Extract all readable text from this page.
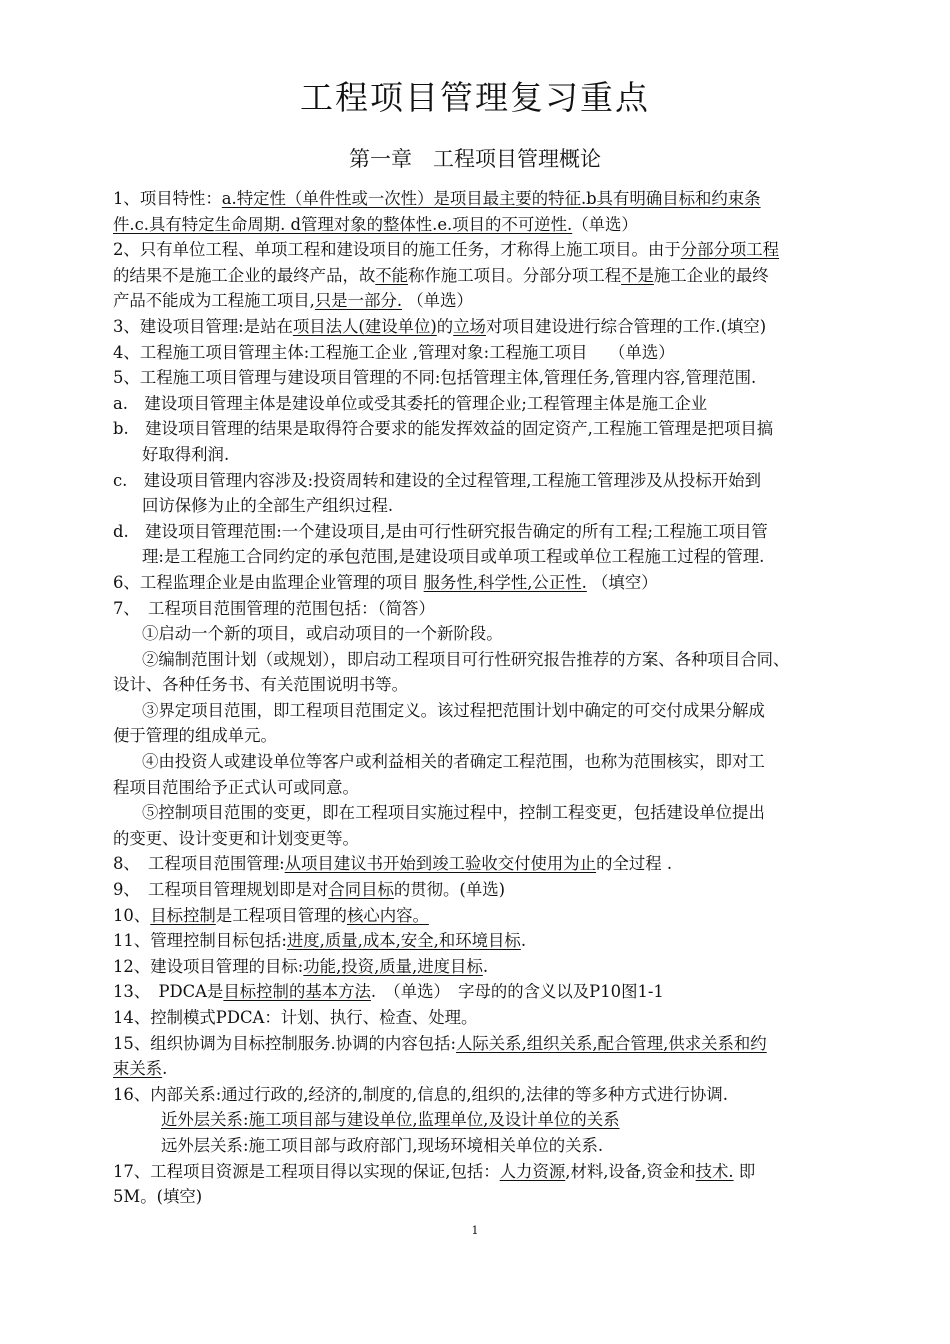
工程项目管理复习重点
第一章　工程项目管理概论
1、项目特性：a.特定性（单件性或一次性）是项目最主要的特征.b具有明确目标和约束条
件.c.具有特定生命周期. d管理对象的整体性.e.项目的不可逆性.（单选）
2、只有单位工程、单项工程和建设项目的施工任务，才称得上施工项目。由于分部分项工程
的结果不是施工企业的最终产品，故不能称作施工项目。分部分项工程不是施工企业的最终
产品不能成为工程施工项目,只是一部分. （单选）
3、建设项目管理:是站在项目法人(建设单位)的立场对项目建设进行综合管理的工作.(填空)
4、工程施工项目管理主体:工程施工企业 ,管理对象:工程施工项目　 （单选）
5、工程施工项目管理与建设项目管理的不同:包括管理主体,管理任务,管理内容,管理范围.
a.　建设项目管理主体是建设单位或受其委托的管理企业;工程管理主体是施工企业
b.　建设项目管理的结果是取得符合要求的能发挥效益的固定资产,工程施工管理是把项目搞
好取得利润.
c.　建设项目管理内容涉及:投资周转和建设的全过程管理,工程施工管理涉及从投标开始到
回访保修为止的全部生产组织过程.
d.　建设项目管理范围:一个建设项目,是由可行性研究报告确定的所有工程;工程施工项目管
理:是工程施工合同约定的承包范围,是建设项目或单项工程或单位工程施工过程的管理.
6、工程监理企业是由监理企业管理的项目 服务性,科学性,公正性. （填空）
7、　工程项目范围管理的范围包括：（简答）
①启动一个新的项目，或启动项目的一个新阶段。
②编制范围计划（或规划），即启动工程项目可行性研究报告推荐的方案、各种项目合同、
设计、各种任务书、有关范围说明书等。
③界定项目范围，即工程项目范围定义。该过程把范围计划中确定的可交付成果分解成
便于管理的组成单元。
④由投资人或建设单位等客户或利益相关的者确定工程范围，也称为范围核实，即对工
程项目范围给予正式认可或同意。
⑤控制项目范围的变更，即在工程项目实施过程中，控制工程变更，包括建设单位提出
的变更、设计变更和计划变更等。
8、　工程项目范围管理:从项目建议书开始到竣工验收交付使用为止的全过程 .
9、　工程项目管理规划即是对合同目标的贯彻。(单选)
10、目标控制是工程项目管理的核心内容。
11、管理控制目标包括:进度,质量,成本,安全,和环境目标.
12、建设项目管理的目标:功能,投资,质量,进度目标.
13、　PDCA是目标控制的基本方法.　（单选）　字母的的含义以及P10图1-1
14、控制模式PDCA：计划、执行、检查、处理。
15、组织协调为目标控制服务.协调的内容包括:人际关系,组织关系,配合管理,供求关系和约
束关系.
16、内部关系:通过行政的,经济的,制度的,信息的,组织的,法律的等多种方式进行协调.
近外层关系:施工项目部与建设单位,监理单位,及设计单位的关系
远外层关系:施工项目部与政府部门,现场环境相关单位的关系.
17、工程项目资源是工程项目得以实现的保证,包括：人力资源,材料,设备,资金和技术. 即
5M。(填空)
1
